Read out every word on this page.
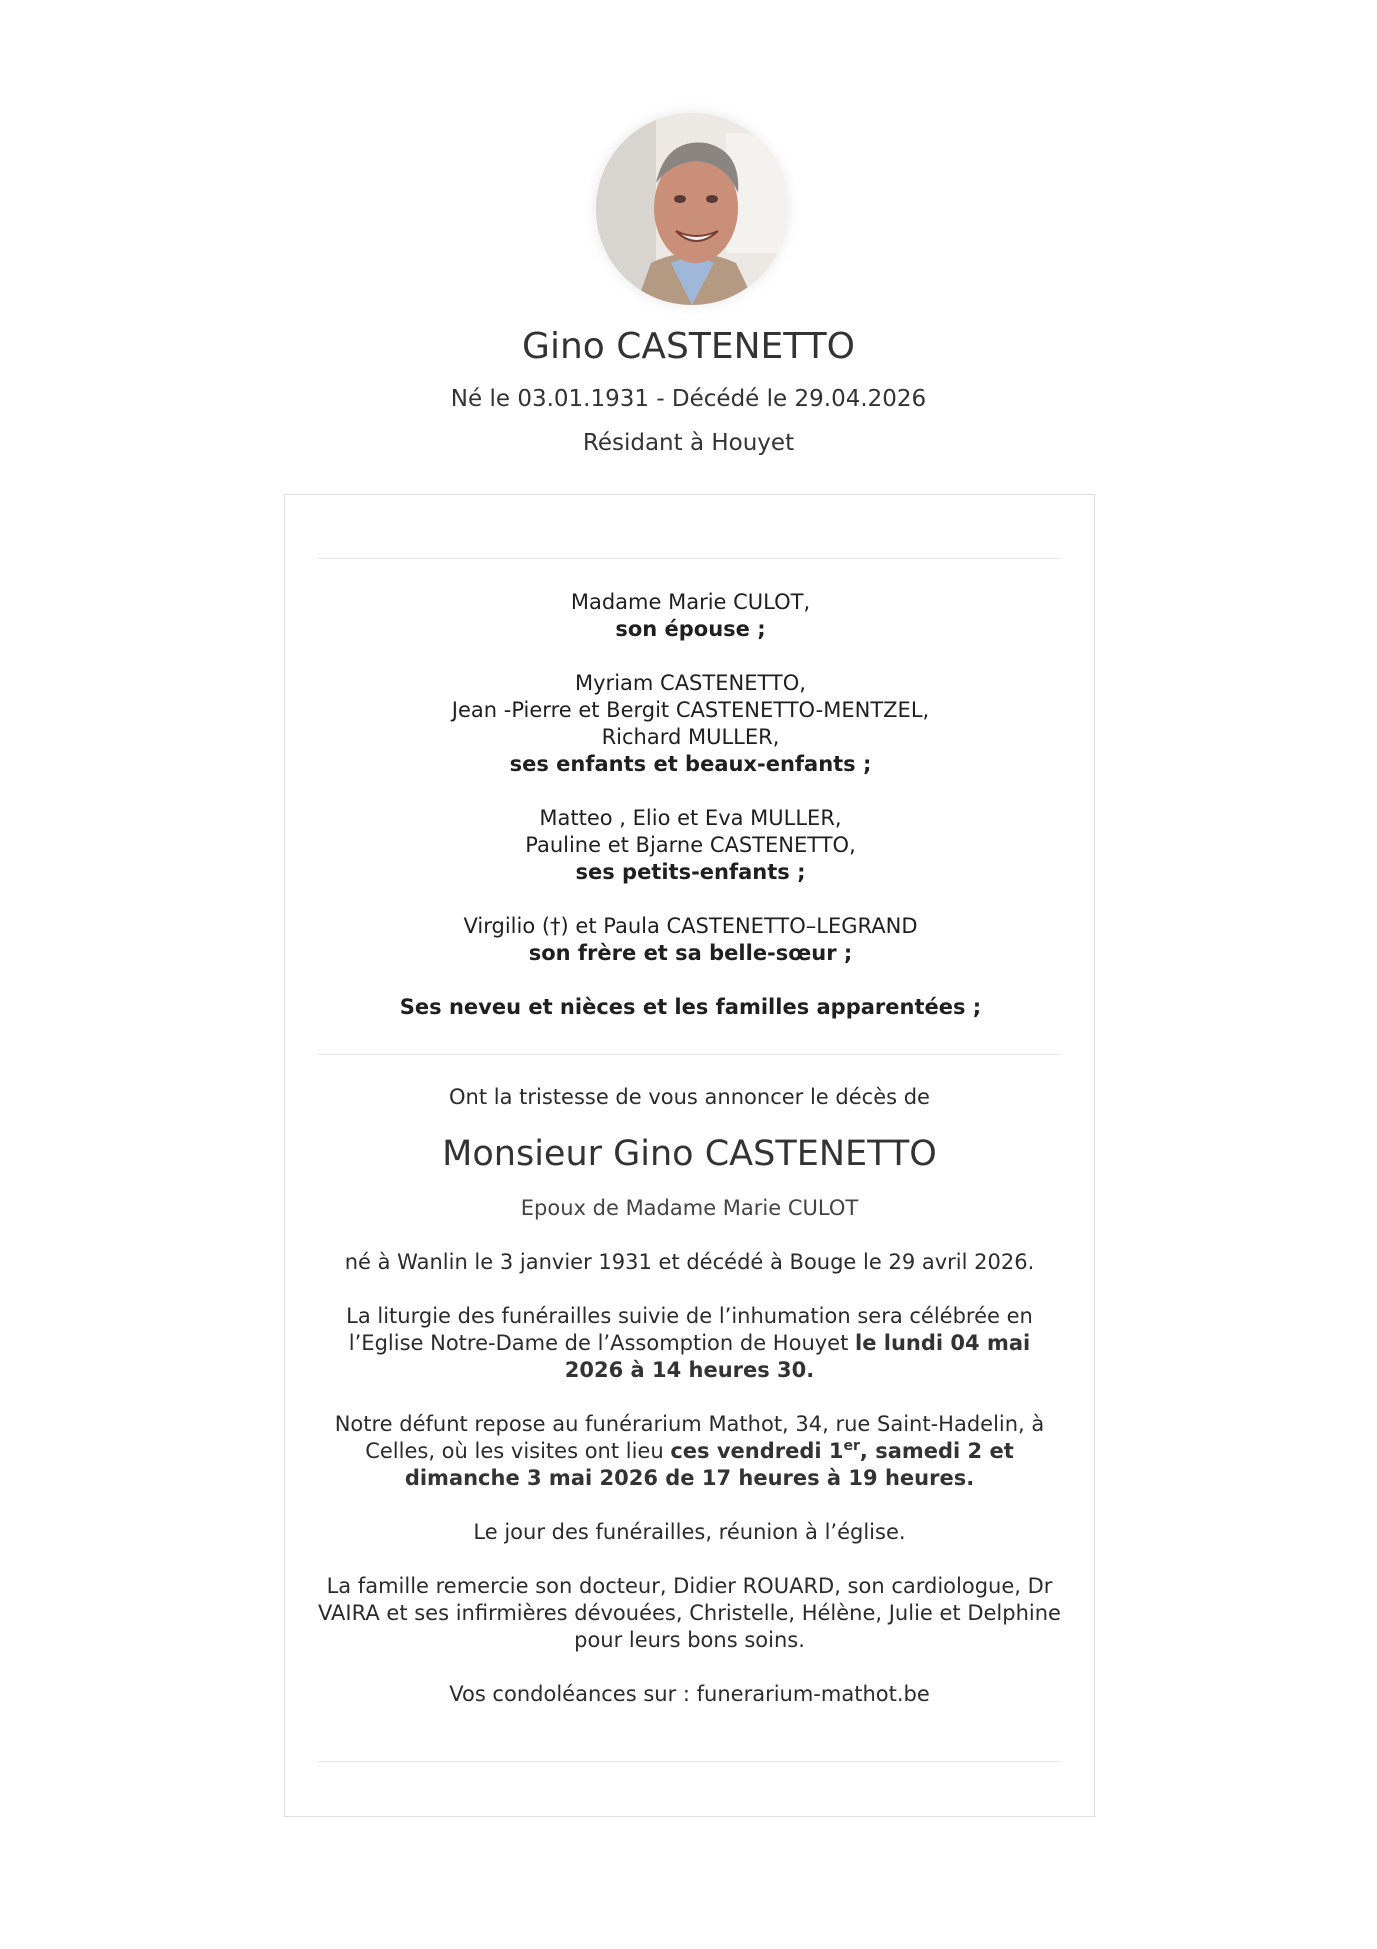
Gino CASTENETTO
Né le 03.01.1931 - Décédé le 29.04.2026
Résidant à Houyet

Madame Marie CULOT,
son épouse ;

Myriam CASTENETTO,
Jean -Pierre et Bergit CASTENETTO-MENTZEL,
Richard MULLER,
ses enfants et beaux-enfants ;

Matteo , Elio et Eva MULLER,
Pauline et Bjarne CASTENETTO,
ses petits-enfants ;

Virgilio (†) et Paula CASTENETTO–LEGRAND
son frère et sa belle-sœur ;

Ses neveu et nièces et les familles apparentées ;

Ont la tristesse de vous annoncer le décès de

Monsieur Gino CASTENETTO

Epoux de Madame Marie CULOT

né à Wanlin le 3 janvier 1931 et décédé à Bouge le 29 avril 2026.

La liturgie des funérailles suivie de l’inhumation sera célébrée en l’Eglise Notre-Dame de l’Assomption de Houyet le lundi 04 mai 2026 à 14 heures 30.

Notre défunt repose au funérarium Mathot, 34, rue Saint-Hadelin, à Celles, où les visites ont lieu ces vendredi 1er, samedi 2 et dimanche 3 mai 2026 de 17 heures à 19 heures.

Le jour des funérailles, réunion à l’église.

La famille remercie son docteur, Didier ROUARD, son cardiologue, Dr VAIRA et ses infirmières dévouées, Christelle, Hélène, Julie et Delphine pour leurs bons soins.

Vos condoléances sur : funerarium-mathot.be
